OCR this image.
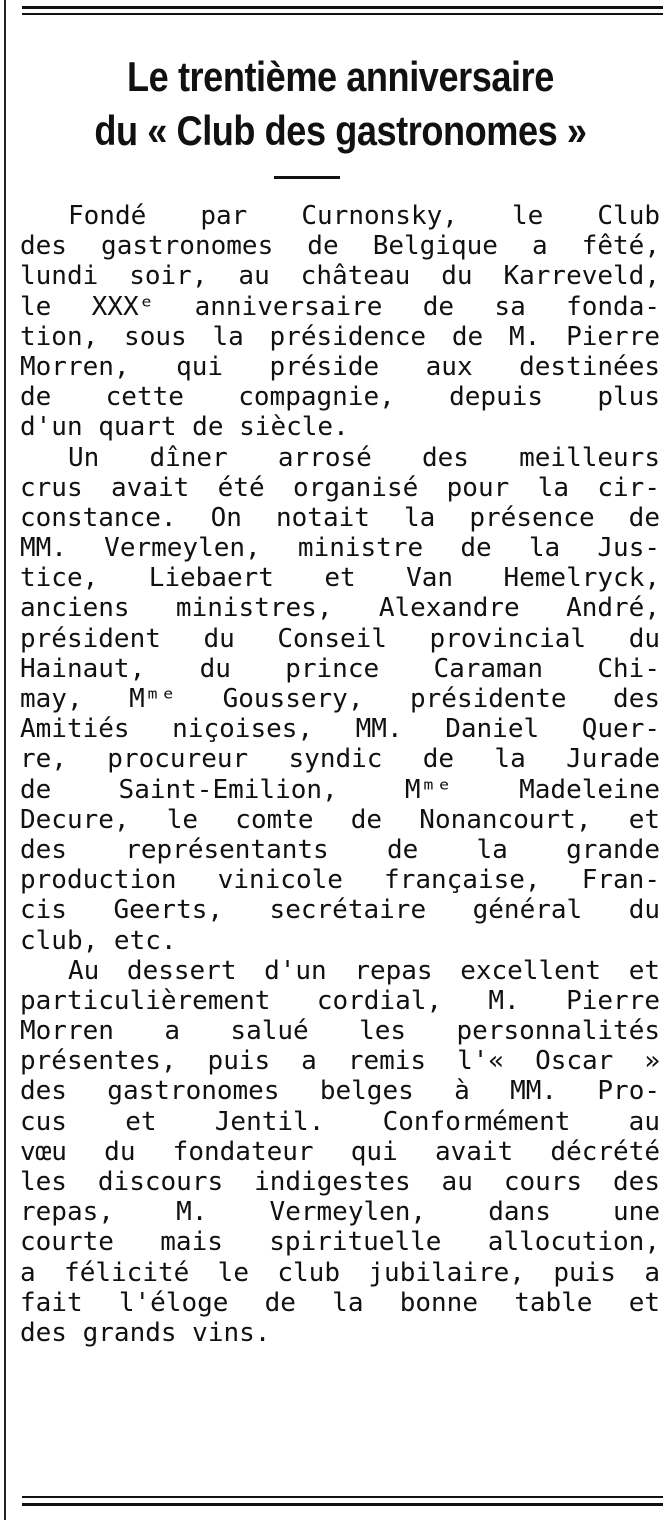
Le trentième anniversaire
du « Club des gastronomes »
Fondé par Curnonsky, le Club
des gastronomes de Belgique a fêté,
lundi soir, au château du Karreveld,
le XXXᵉ anniversaire de sa fonda-
tion, sous la présidence de M. Pierre
Morren, qui préside aux destinées
de cette compagnie, depuis plus
d'un quart de siècle.
Un dîner arrosé des meilleurs
crus avait été organisé pour la cir-
constance. On notait la présence de
MM. Vermeylen, ministre de la Jus-
tice, Liebaert et Van Hemelryck,
anciens ministres, Alexandre André,
président du Conseil provincial du
Hainaut, du prince Caraman Chi-
may, Mᵐᵉ Goussery, présidente des
Amitiés niçoises, MM. Daniel Quer-
re, procureur syndic de la Jurade
de Saint-Emilion, Mᵐᵉ Madeleine
Decure, le comte de Nonancourt, et
des représentants de la grande
production vinicole française, Fran-
cis Geerts, secrétaire général du
club, etc.
Au dessert d'un repas excellent et
particulièrement cordial, M. Pierre
Morren a salué les personnalités
présentes, puis a remis l'« Oscar »
des gastronomes belges à MM. Pro-
cus et Jentil. Conformément au
vœu du fondateur qui avait décrété
les discours indigestes au cours des
repas, M. Vermeylen, dans une
courte mais spirituelle allocution,
a félicité le club jubilaire, puis a
fait l'éloge de la bonne table et
des grands vins.
